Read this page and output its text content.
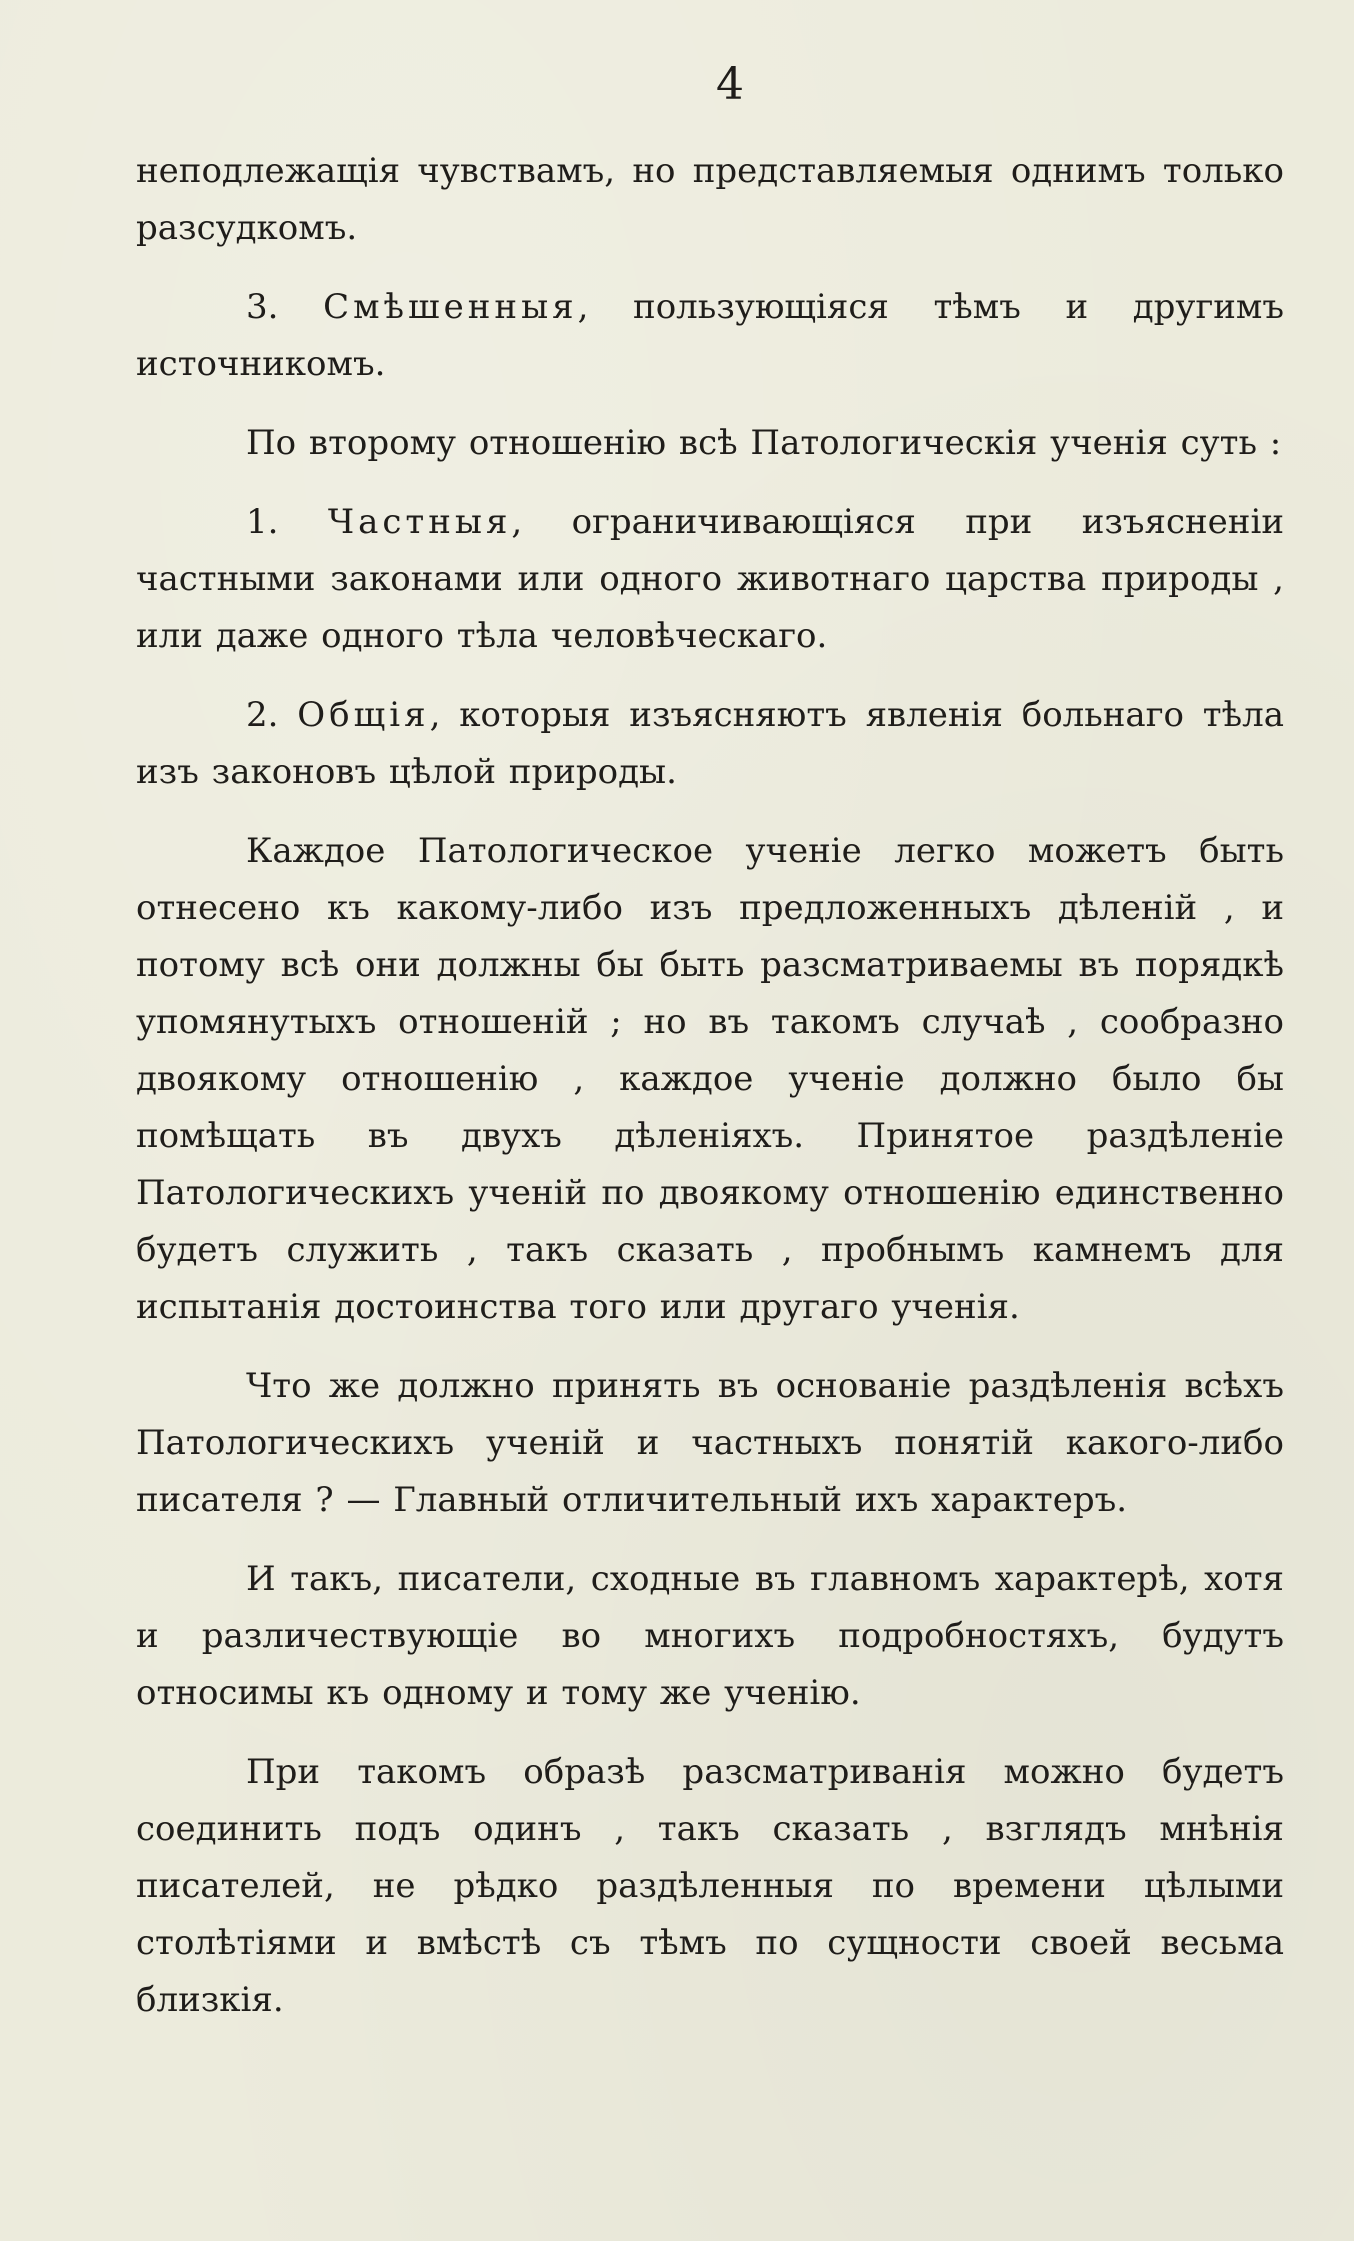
4

неподлежащія чувствамъ, но представляемыя однимъ только разсудкомъ.

3. Смѣшенныя, пользующіяся тѣмъ и другимъ источникомъ.

По второму отношенію всѣ Патологическія ученія суть :

1. Частныя, ограничивающіяся при изъясненіи частными законами или одного животнаго царства природы , или даже одного тѣла человѣческаго.

2. Общія, которыя изъясняютъ явленія больнаго тѣла изъ законовъ цѣлой природы.

Каждое Патологическое ученіе легко можетъ быть отнесено къ какому-либо изъ предложенныхъ дѣленій , и потому всѣ они должны бы быть разсматриваемы въ порядкѣ упомянутыхъ отношеній ; но въ такомъ случаѣ , сообразно двоякому отношенію , каждое ученіе должно было бы помѣщать въ двухъ дѣленіяхъ. Принятое раздѣленіе Патологическихъ ученій по двоякому отношенію единственно будетъ служить , такъ сказать , пробнымъ камнемъ для испытанія достоинства того или другаго ученія.

Что же должно принять въ основаніе раздѣленія всѣхъ Патологическихъ ученій и частныхъ понятій какого-либо писателя ? — Главный отличительный ихъ характеръ.

И такъ, писатели, сходные въ главномъ характерѣ, хотя и различествующіе во многихъ подробностяхъ, будутъ относимы къ одному и тому же ученію.

При такомъ образѣ разсматриванія можно будетъ соединить подъ одинъ , такъ сказать , взглядъ мнѣнія писателей, не рѣдко раздѣленныя по времени цѣлыми столѣтіями и вмѣстѣ съ тѣмъ по сущности своей весьма близкія.
